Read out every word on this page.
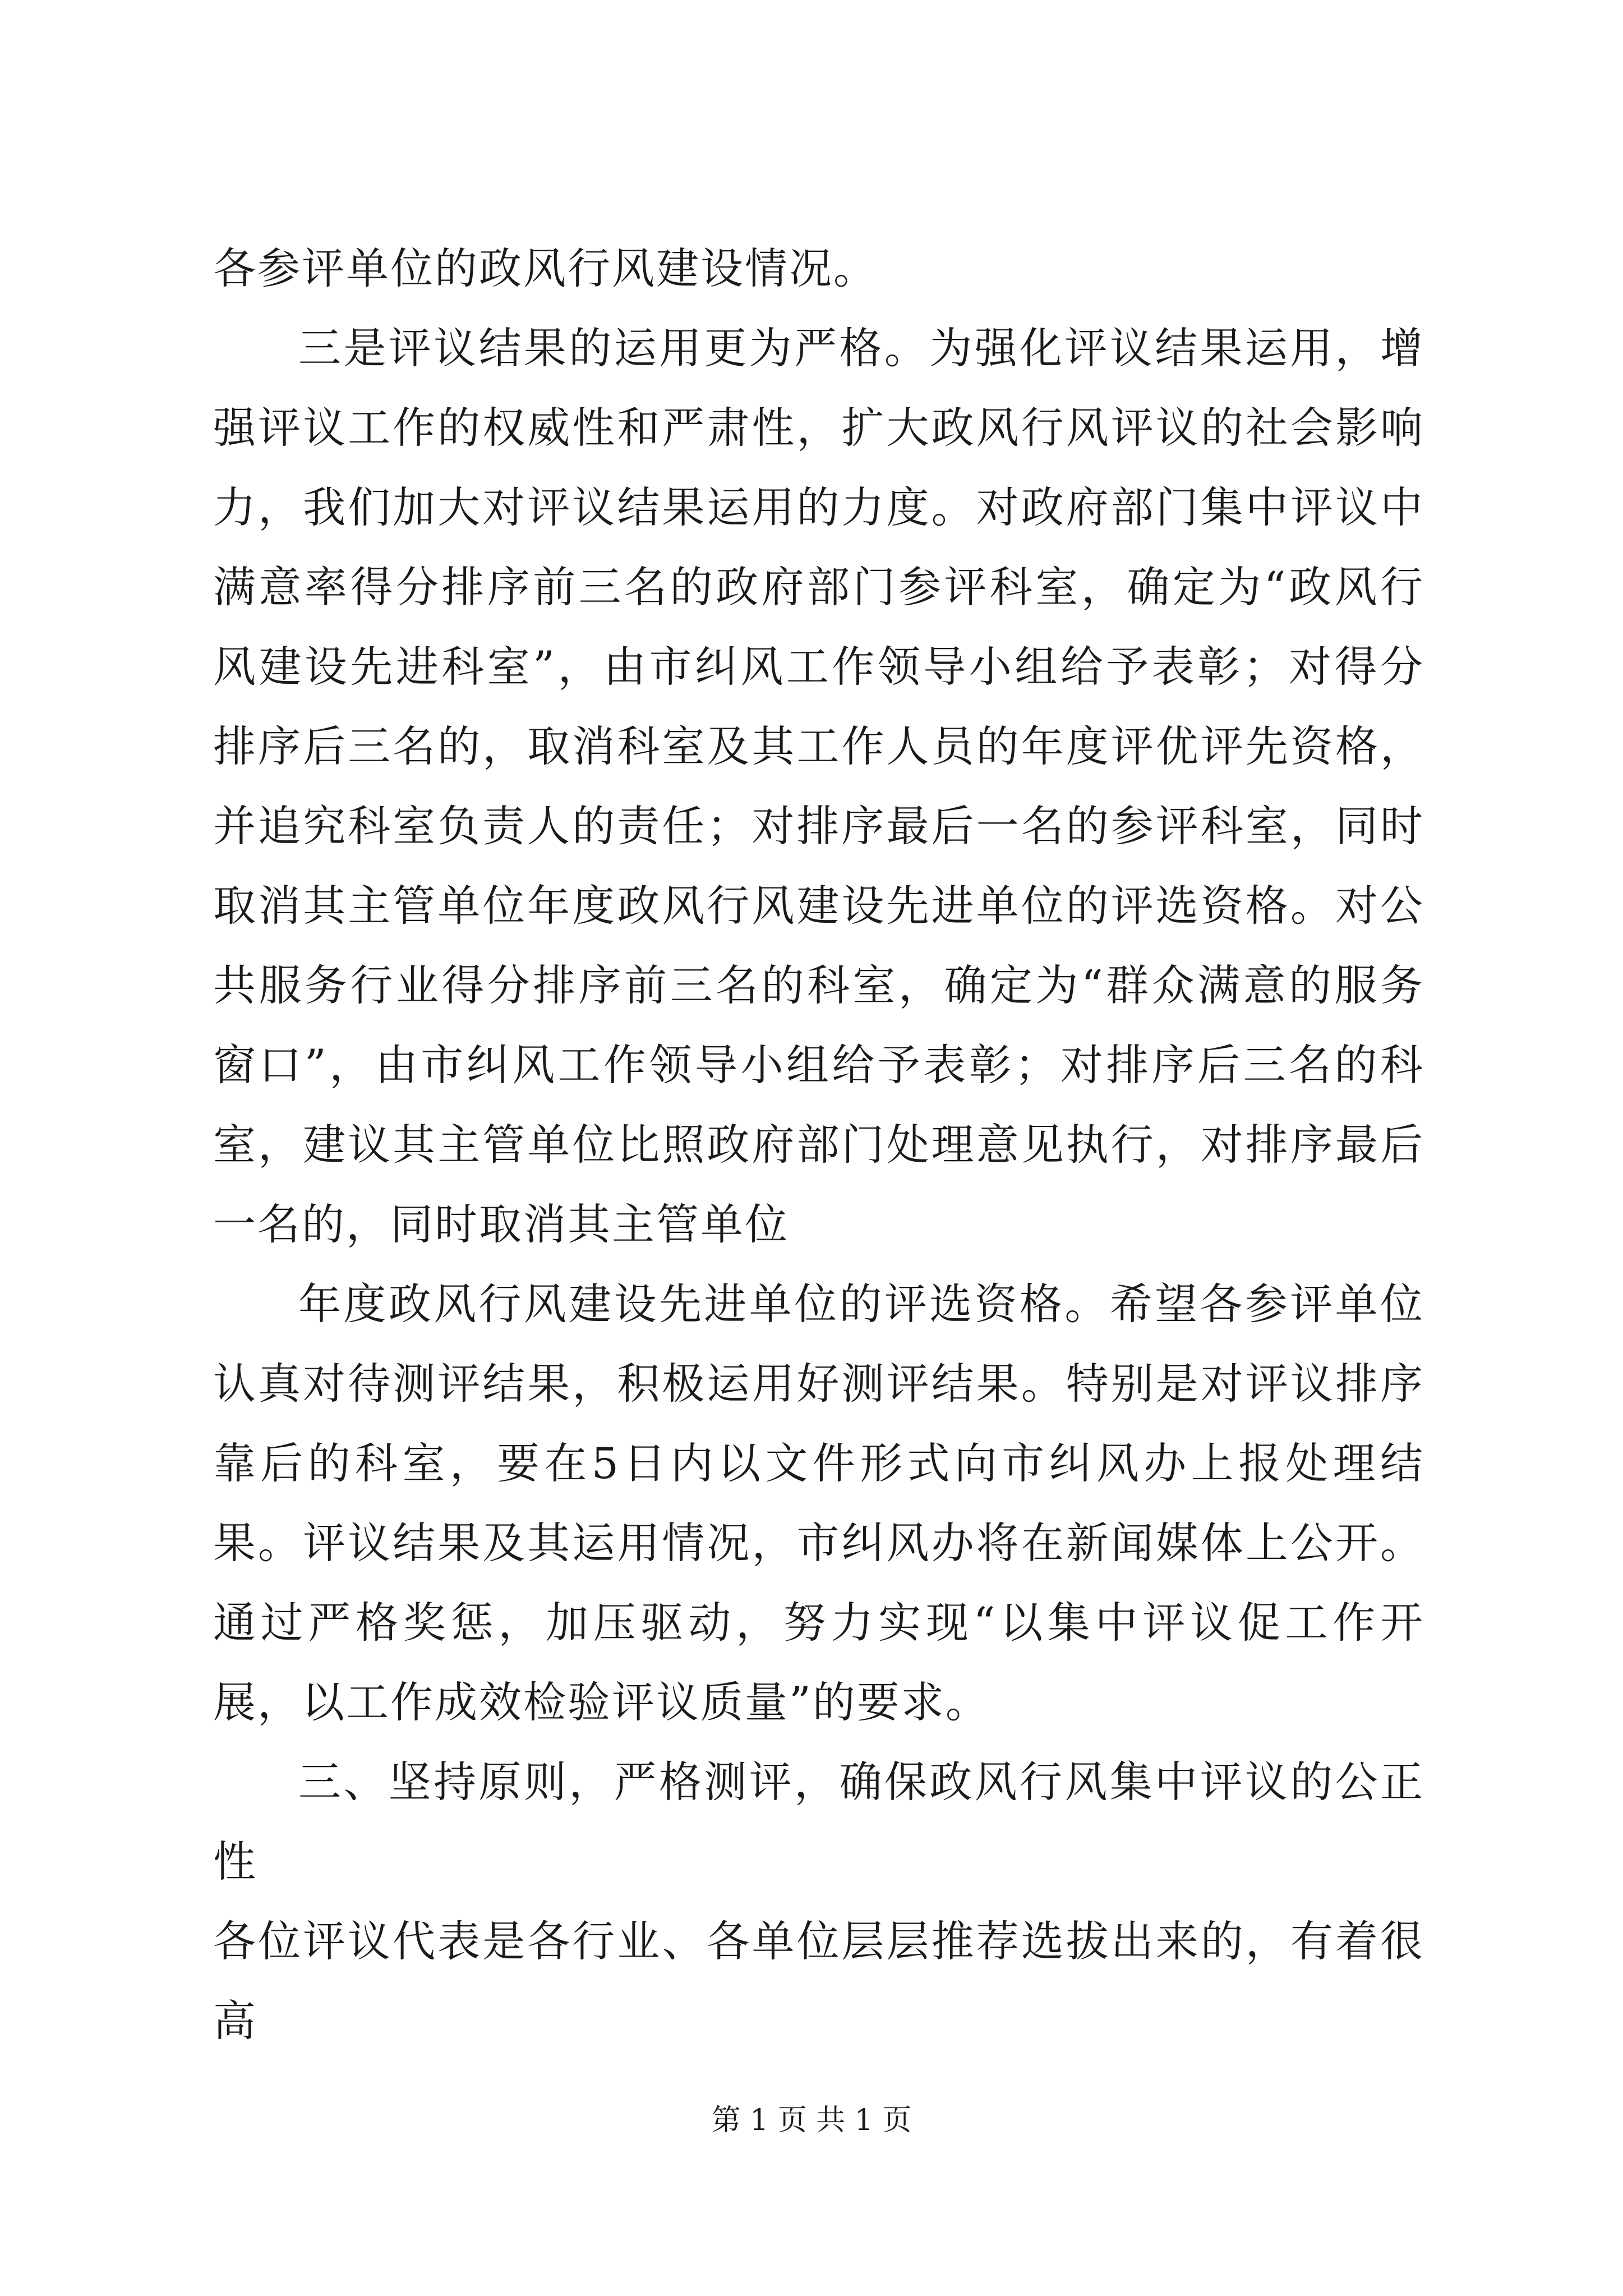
各参评单位的政风行风建设情况。

三是评议结果的运用更为严格。为强化评议结果运用，增强评议工作的权威性和严肃性，扩大政风行风评议的社会影响力，我们加大对评议结果运用的力度。对政府部门集中评议中满意率得分排序前三名的政府部门参评科室，确定为“政风行风建设先进科室”，由市纠风工作领导小组给予表彰；对得分排序后三名的，取消科室及其工作人员的年度评优评先资格，并追究科室负责人的责任；对排序最后一名的参评科室，同时取消其主管单位年度政风行风建设先进单位的评选资格。对公共服务行业得分排序前三名的科室，确定为“群众满意的服务窗口”，由市纠风工作领导小组给予表彰；对排序后三名的科室，建议其主管单位比照政府部门处理意见执行，对排序最后一名的，同时取消其主管单位

年度政风行风建设先进单位的评选资格。希望各参评单位认真对待测评结果，积极运用好测评结果。特别是对评议排序靠后的科室，要在5日内以文件形式向市纠风办上报处理结果。评议结果及其运用情况，市纠风办将在新闻媒体上公开。通过严格奖惩，加压驱动，努力实现“以集中评议促工作开展，以工作成效检验评议质量”的要求。

三、坚持原则，严格测评，确保政风行风集中评议的公正性

各位评议代表是各行业、各单位层层推荐选拔出来的，有着很高

第 1 页 共 1 页
